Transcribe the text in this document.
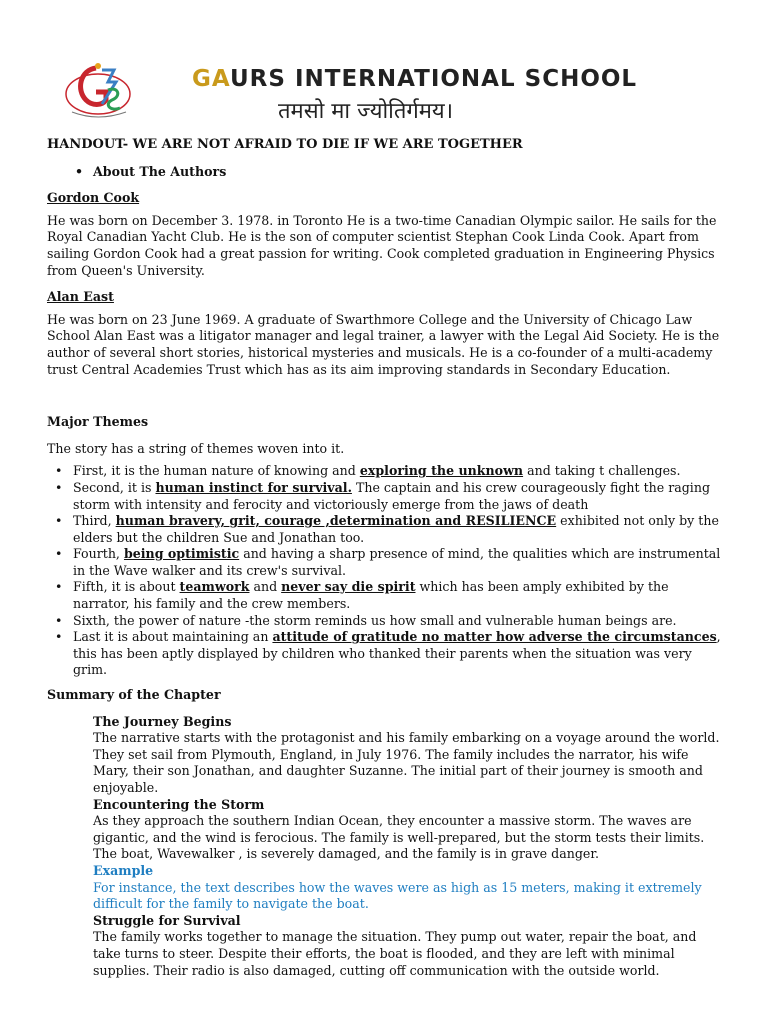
GAURS INTERNATIONAL SCHOOL
तमसो मा ज्योतिर्गमय।

HANDOUT- WE ARE NOT AFRAID TO DIE IF WE ARE TOGETHER

• About The Authors

Gordon Cook

He was born on December 3. 1978. in Toronto He is a two-time Canadian Olympic sailor. He sails for the Royal Canadian Yacht Club. He is the son of computer scientist Stephan Cook Linda Cook. Apart from sailing Gordon Cook had a great passion for writing. Cook completed graduation in Engineering Physics from Queen's University.

Alan East

He was born on 23 June 1969. A graduate of Swarthmore College and the University of Chicago Law School Alan East was a litigator manager and legal trainer, a lawyer with the Legal Aid Society. He is the author of several short stories, historical mysteries and musicals. He is a co-founder of a multi-academy trust Central Academies Trust which has as its aim improving standards in Secondary Education.

Major Themes

The story has a string of themes woven into it.

• First, it is the human nature of knowing and exploring the unknown and taking t challenges.
• Second, it is human instinct for survival. The captain and his crew courageously fight the raging storm with intensity and ferocity and victoriously emerge from the jaws of death
• Third, human bravery, grit, courage ,determination and RESILIENCE exhibited not only by the elders but the children Sue and Jonathan too.
• Fourth, being optimistic and having a sharp presence of mind, the qualities which are instrumental in the Wave walker and its crew's survival.
• Fifth, it is about teamwork and never say die spirit which has been amply exhibited by the narrator, his family and the crew members.
• Sixth, the power of nature -the storm reminds us how small and vulnerable human beings are.
• Last it is about maintaining an attitude of gratitude no matter how adverse the circumstances, this has been aptly displayed by children who thanked their parents when the situation was very grim.

Summary of the Chapter

The Journey Begins

The narrative starts with the protagonist and his family embarking on a voyage around the world. They set sail from Plymouth, England, in July 1976. The family includes the narrator, his wife Mary, their son Jonathan, and daughter Suzanne. The initial part of their journey is smooth and enjoyable.

Encountering the Storm

As they approach the southern Indian Ocean, they encounter a massive storm. The waves are gigantic, and the wind is ferocious. The family is well-prepared, but the storm tests their limits. The boat, Wavewalker , is severely damaged, and the family is in grave danger.

Example

For instance, the text describes how the waves were as high as 15 meters, making it extremely difficult for the family to navigate the boat.

Struggle for Survival

The family works together to manage the situation. They pump out water, repair the boat, and take turns to steer. Despite their efforts, the boat is flooded, and they are left with minimal supplies. Their radio is also damaged, cutting off communication with the outside world.
